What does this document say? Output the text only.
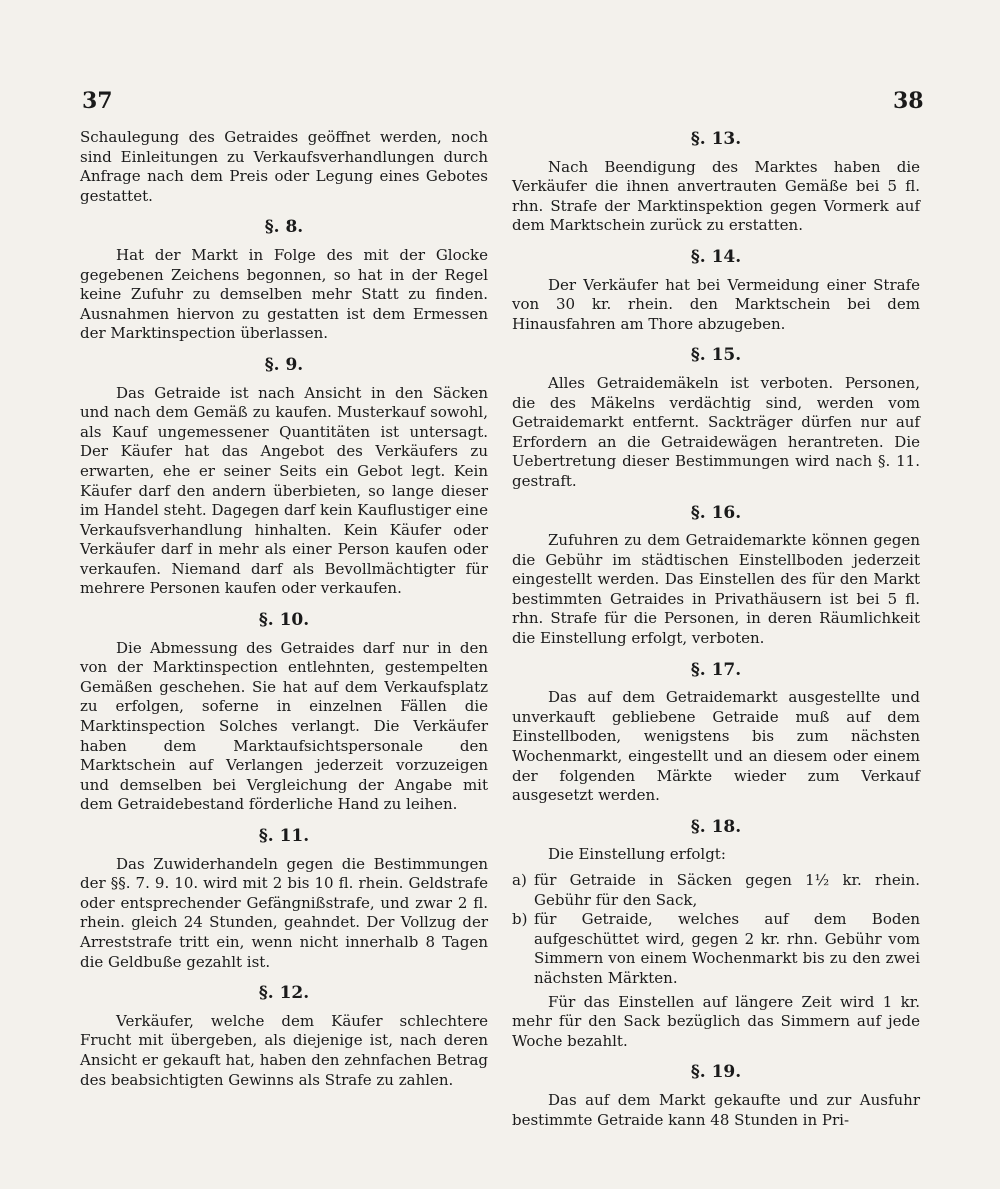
37	38

Schaulegung des Getraides geöffnet werden, noch sind Einleitungen zu Verkaufsverhandlungen durch Anfrage nach dem Preis oder Legung eines Gebotes gestattet.

§. 8.

Hat der Markt in Folge des mit der Glocke gegebenen Zeichens begonnen, so hat in der Regel keine Zufuhr zu demselben mehr Statt zu finden. Ausnahmen hiervon zu gestatten ist dem Ermessen der Marktinspection überlassen.

§. 9.

Das Getraide ist nach Ansicht in den Säcken und nach dem Gemäß zu kaufen. Musterkauf sowohl, als Kauf ungemessener Quantitäten ist untersagt. Der Käufer hat das Angebot des Verkäufers zu erwarten, ehe er seiner Seits ein Gebot legt. Kein Käufer darf den andern überbieten, so lange dieser im Handel steht. Dagegen darf kein Kauflustiger eine Verkaufsverhandlung hinhalten. Kein Käufer oder Verkäufer darf in mehr als einer Person kaufen oder verkaufen. Niemand darf als Bevollmächtigter für mehrere Personen kaufen oder verkaufen.

§. 10.

Die Abmessung des Getraides darf nur in den von der Marktinspection entlehnten, gestempelten Gemäßen geschehen. Sie hat auf dem Verkaufsplatz zu erfolgen, soferne in einzelnen Fällen die Marktinspection Solches verlangt. Die Verkäufer haben dem Marktaufsichtspersonale den Marktschein auf Verlangen jederzeit vorzuzeigen und demselben bei Vergleichung der Angabe mit dem Getraidebestand förderliche Hand zu leihen.

§. 11.

Das Zuwiderhandeln gegen die Bestimmungen der §§. 7. 9. 10. wird mit 2 bis 10 fl. rhein. Geldstrafe oder entsprechender Gefängnißstrafe, und zwar 2 fl. rhein. gleich 24 Stunden, geahndet. Der Vollzug der Arreststrafe tritt ein, wenn nicht innerhalb 8 Tagen die Geldbuße gezahlt ist.

§. 12.

Verkäufer, welche dem Käufer schlechtere Frucht mit übergeben, als diejenige ist, nach deren Ansicht er gekauft hat, haben den zehnfachen Betrag des beabsichtigten Gewinns als Strafe zu zahlen.

§. 13.

Nach Beendigung des Marktes haben die Verkäufer die ihnen anvertrauten Gemäße bei 5 fl. rhn. Strafe der Marktinspektion gegen Vormerk auf dem Marktschein zurück zu erstatten.

§. 14.

Der Verkäufer hat bei Vermeidung einer Strafe von 30 kr. rhein. den Marktschein bei dem Hinausfahren am Thore abzugeben.

§. 15.

Alles Getraidemäkeln ist verboten. Personen, die des Mäkelns verdächtig sind, werden vom Getraidemarkt entfernt. Sackträger dürfen nur auf Erfordern an die Getraidewägen herantreten. Die Uebertretung dieser Bestimmungen wird nach §. 11. gestraft.

§. 16.

Zufuhren zu dem Getraidemarkte können gegen die Gebühr im städtischen Einstellboden jederzeit eingestellt werden. Das Einstellen des für den Markt bestimmten Getraides in Privathäusern ist bei 5 fl. rhn. Strafe für die Personen, in deren Räumlichkeit die Einstellung erfolgt, verboten.

§. 17.

Das auf dem Getraidemarkt ausgestellte und unverkauft gebliebene Getraide muß auf dem Einstellboden, wenigstens bis zum nächsten Wochenmarkt, eingestellt und an diesem oder einem der folgenden Märkte wieder zum Verkauf ausgesetzt werden.

§. 18.

Die Einstellung erfolgt:

a) für Getraide in Säcken gegen 1½ kr. rhein. Gebühr für den Sack,
b) für Getraide, welches auf dem Boden aufgeschüttet wird, gegen 2 kr. rhn. Gebühr vom Simmern von einem Wochenmarkt bis zu den zwei nächsten Märkten.

Für das Einstellen auf längere Zeit wird 1 kr. mehr für den Sack bezüglich das Simmern auf jede Woche bezahlt.

§. 19.

Das auf dem Markt gekaufte und zur Ausfuhr bestimmte Getraide kann 48 Stunden in Pri-
